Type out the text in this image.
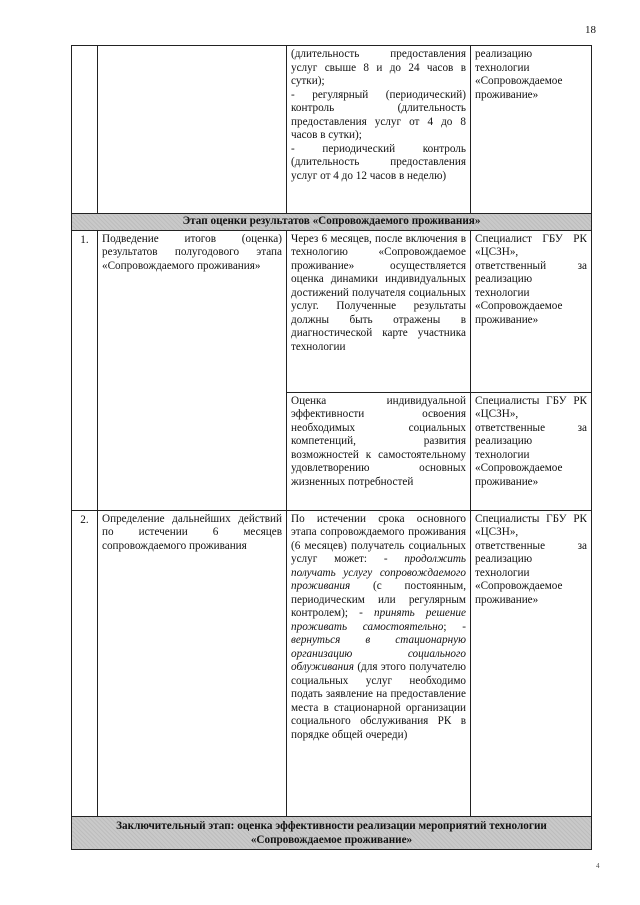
18
		(длительность предоставления услуг свыше 8 и до 24 часов в сутки);
- регулярный (периодический) контроль (длительность предоставления услуг от 4 до 8 часов в сутки);
- периодический контроль (длительность предоставления услуг от 4 до 12 часов в неделю)	реализацию технологии «Сопровождаемое проживание»
Этап оценки результатов «Сопровождаемого проживания»			
1.	Подведение итогов (оценка) результатов полугодового этапа «Сопровождаемого проживания»	Через 6 месяцев, после включения в технологию «Сопровождаемое проживание» осуществляется оценка динамики индивидуальных достижений получателя социальных услуг. Полученные результаты должны быть отражены в диагностической карте участника технологии	Специалист ГБУ РК «ЦСЗН», ответственный за реализацию технологии «Сопровождаемое проживание»
		Оценка индивидуальной эффективности освоения необходимых социальных компетенций, развития возможностей к самостоятельному удовлетворению основных жизненных потребностей	Специалисты ГБУ РК «ЦСЗН», ответственные за реализацию технологии «Сопровождаемое проживание»
2.	Определение дальнейших действий по истечении 6 месяцев сопровождаемого проживания	По истечении срока основного этапа сопровождаемого проживания (6 месяцев) получатель социальных услуг может: - продолжить получать услугу сопровождаемого проживания (с постоянным, периодическим или регулярным контролем); - принять решение проживать самостоятельно; - вернуться в стационарную организацию социального облуживания (для этого получателю социальных услуг необходимо подать заявление на предоставление места в стационарной организации социального обслуживания РК в порядке общей очереди)	Специалисты ГБУ РК «ЦСЗН», ответственные за реализацию технологии «Сопровождаемое проживание»

Заключительный этап: оценка эффективности реализации мероприятий технологии
«Сопровождаемое проживание»			
4
